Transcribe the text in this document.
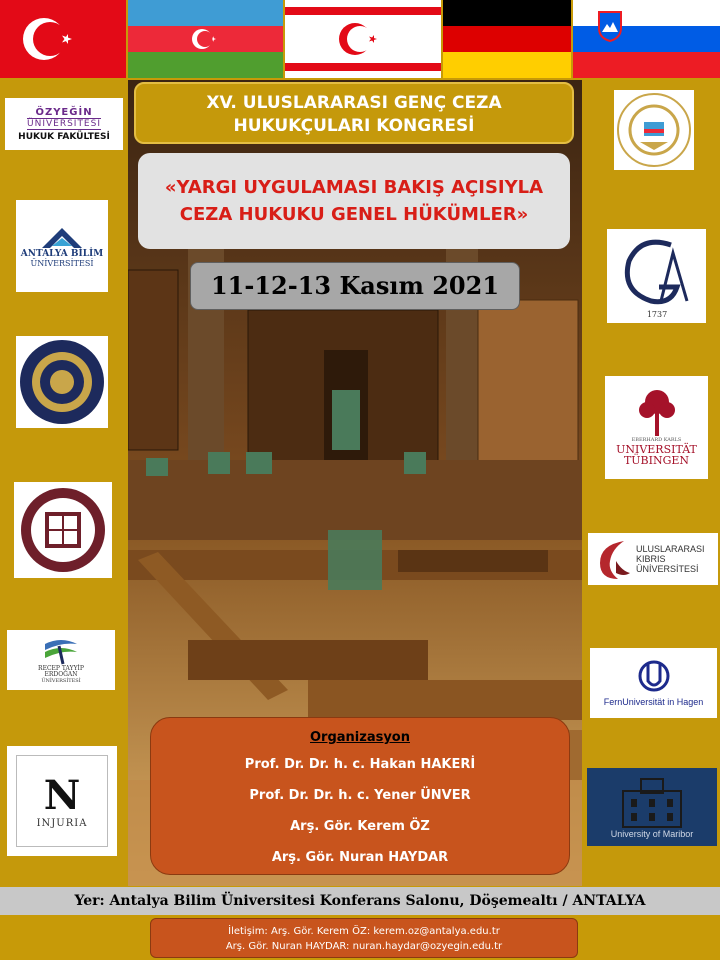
ÖZYEĞİN
ÜNİVERSİTESİ
HUKUK FAKÜLTESİ
ANTALYA BİLİM
ÜNİVERSİTESİ
RECEP TAYYİP
ERDOĞAN
ÜNİVERSİTESİ
N
INJURIA
1737
EBERHARD KARLS
UNIVERSITÄT
TÜBINGEN
ULUSLARARASI
KIBRIS
ÜNİVERSİTESİ
FernUniversität in Hagen
University of Maribor
XV. ULUSLARARASI GENÇ CEZA
HUKUKÇULARI KONGRESİ
«YARGI UYGULAMASI BAKIŞ AÇISIYLA
CEZA HUKUKU GENEL HÜKÜMLER»
11-12-13 Kasım 2021
Organizasyon
Prof. Dr. Dr. h. c. Hakan HAKERİ
Prof. Dr. Dr. h. c. Yener ÜNVER
Arş. Gör. Kerem ÖZ
Arş. Gör. Nuran HAYDAR
Yer: Antalya Bilim Üniversitesi Konferans Salonu, Döşemealtı / ANTALYA
İletişim: Arş. Gör. Kerem ÖZ: kerem.oz@antalya.edu.tr
Arş. Gör. Nuran HAYDAR: nuran.haydar@ozyegin.edu.tr
